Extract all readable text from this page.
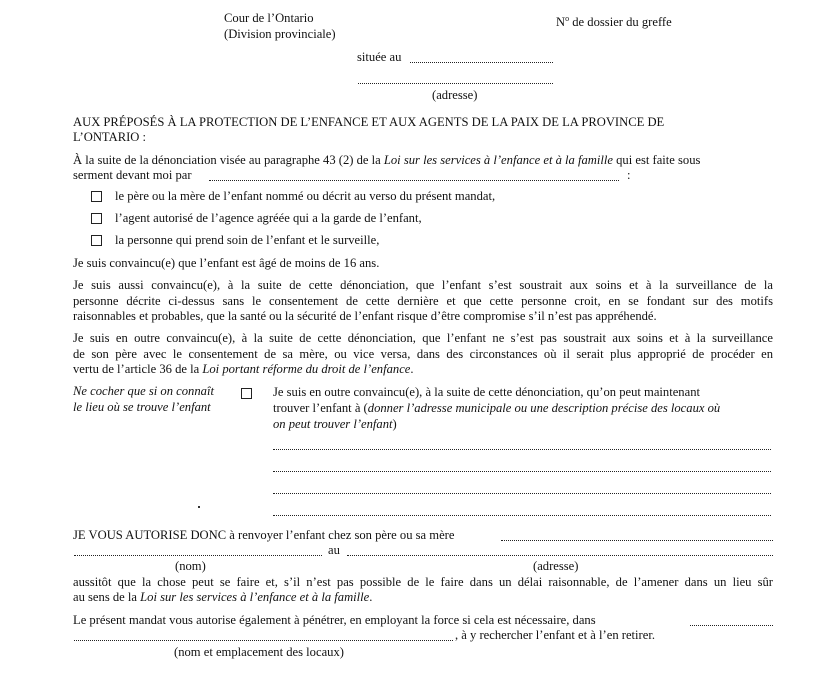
Cour de l’Ontario
(Division provinciale)
$N^o$ de dossier du greffe
située au
(adresse)
AUX PRÉPOSÉS À LA PROTECTION DE L’ENFANCE ET AUX AGENTS DE LA PAIX DE LA PROVINCE DE
L’ONTARIO :
À la suite de la dénonciation visée au paragraphe 43 (2) de la Loi sur les services à l’enfance et à la famille qui est faite sous
serment devant moi par	:
le père ou la mère de l’enfant nommé ou décrit au verso du présent mandat,
l’agent autorisé de l’agence agréée qui a la garde de l’enfant,
la personne qui prend soin de l’enfant et le surveille,
Je suis convaincu(e) que l’enfant est âgé de moins de 16 ans.
Je suis aussi convaincu(e), à la suite de cette dénonciation, que l’enfant s’est soustrait aux soins et à la surveillance de la
personne décrite ci-dessus sans le consentement de cette dernière et que cette personne croit, en se fondant sur des motifs
raisonnables et probables, que la santé ou la sécurité de l’enfant risque d’être compromise s’il n’est pas appréhendé.
Je suis en outre convaincu(e), à la suite de cette dénonciation, que l’enfant ne s’est pas soustrait aux soins et à la surveillance
de son père avec le consentement de sa mère, ou vice versa, dans des circonstances où il serait plus approprié de procéder en
vertu de l’article 36 de la Loi portant réforme du droit de l’enfance.
Ne cocher que si on connaît
le lieu où se trouve l’enfant
Je suis en outre convaincu(e), à la suite de cette dénonciation, qu’on peut maintenant
trouver l’enfant à (donner l’adresse municipale ou une description précise des locaux où
on peut trouver l’enfant)
JE VOUS AUTORISE DONC à renvoyer l’enfant chez son père ou sa mère
au
(nom)	(adresse)
aussitôt que la chose peut se faire et, s’il n’est pas possible de le faire dans un délai raisonnable, de l’amener dans un lieu sûr
au sens de la Loi sur les services à l’enfance et à la famille.
Le présent mandat vous autorise également à pénétrer, en employant la force si cela est nécessaire, dans
, à y rechercher l’enfant et à l’en retirer.
(nom et emplacement des locaux)
